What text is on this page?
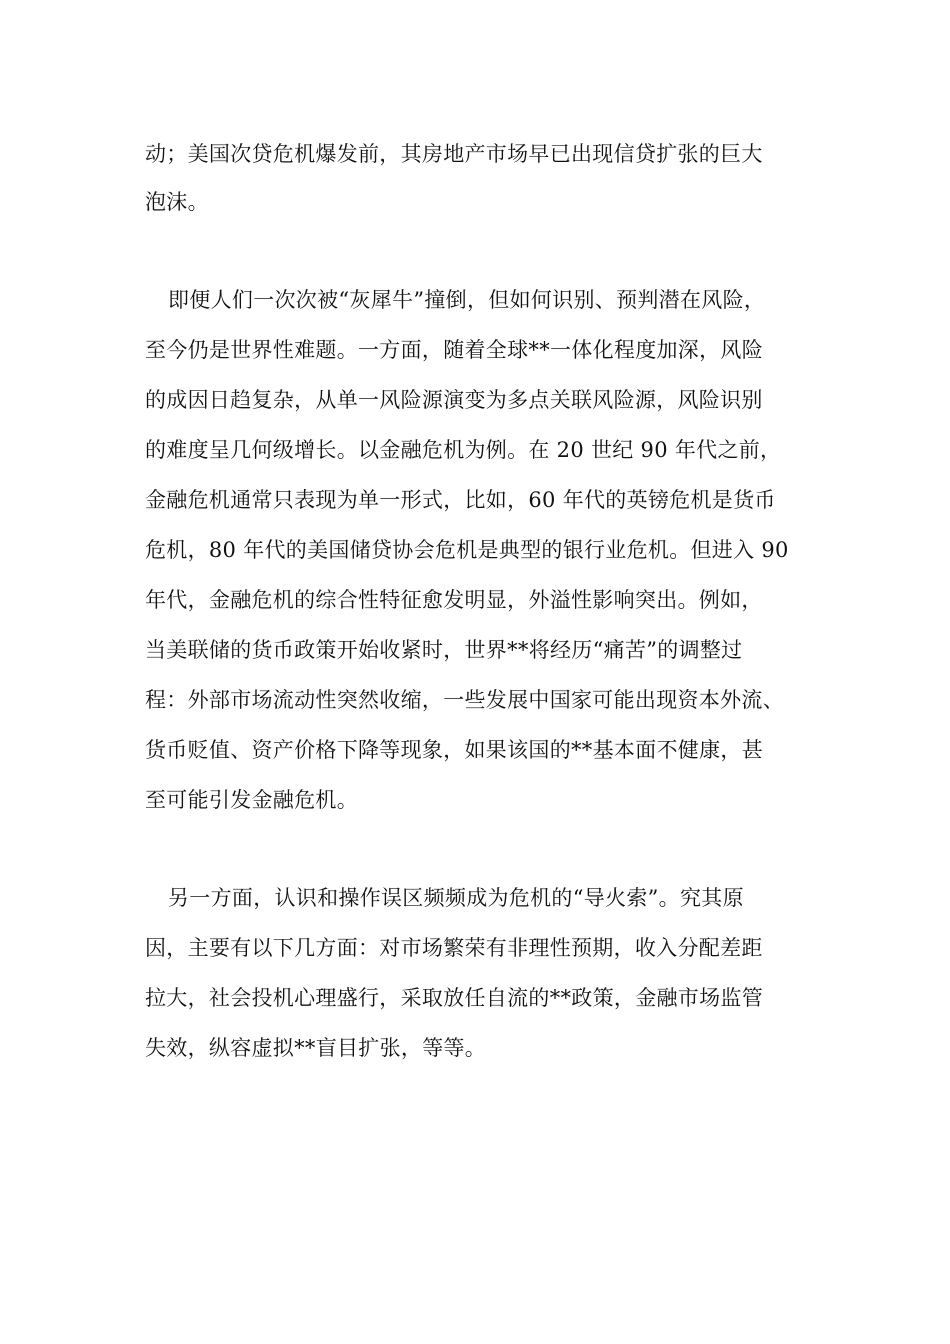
动；美国次贷危机爆发前，其房地产市场早已出现信贷扩张的巨大
泡沫。
即便人们一次次被“灰犀牛”撞倒，但如何识别、预判潜在风险，
至今仍是世界性难题。一方面，随着全球**一体化程度加深，风险
的成因日趋复杂，从单一风险源演变为多点关联风险源，风险识别
的难度呈几何级增长。以金融危机为例。在 20 世纪 90 年代之前，
金融危机通常只表现为单一形式，比如，60 年代的英镑危机是货币
危机，80 年代的美国储贷协会危机是典型的银行业危机。但进入 90
年代，金融危机的综合性特征愈发明显，外溢性影响突出。例如，
当美联储的货币政策开始收紧时，世界**将经历“痛苦”的调整过
程：外部市场流动性突然收缩，一些发展中国家可能出现资本外流、
货币贬值、资产价格下降等现象，如果该国的**基本面不健康，甚
至可能引发金融危机。
另一方面，认识和操作误区频频成为危机的“导火索”。究其原
因，主要有以下几方面：对市场繁荣有非理性预期，收入分配差距
拉大，社会投机心理盛行，采取放任自流的**政策，金融市场监管
失效，纵容虚拟**盲目扩张，等等。
